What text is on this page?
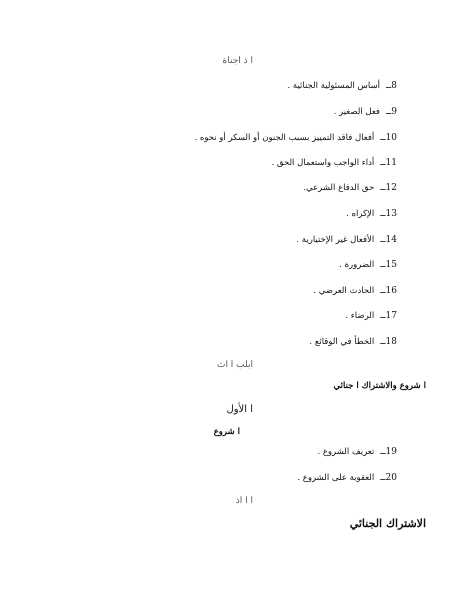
ا ذ اجناة
8ــ
أساس المسئولية الجنائية .
9ــ
فعل الصغير .
10ــ
أفعال فاقد التمييز بسبب الجنون أو السكر أو نحوه .
11ــ
أداء الواجب واستعمال الحق .
12ــ
حق الدفاع الشرعي.
13ــ
الإكراه .
14ــ
الأفعال غير الإختيارية .
15ــ
الضرورة .
16ــ
الحادث العرضي .
17ــ
الرضاء .
18ــ
الخطأ في الوقائع .
ابلب ا اث
ا شروع والاشتراك ا جنائي
ا الأول
ا شروع
19ــ
تعريف الشروع .
20ــ
العقوبة على الشروع .
ا ا اذ
الاشتراك الجنائي
